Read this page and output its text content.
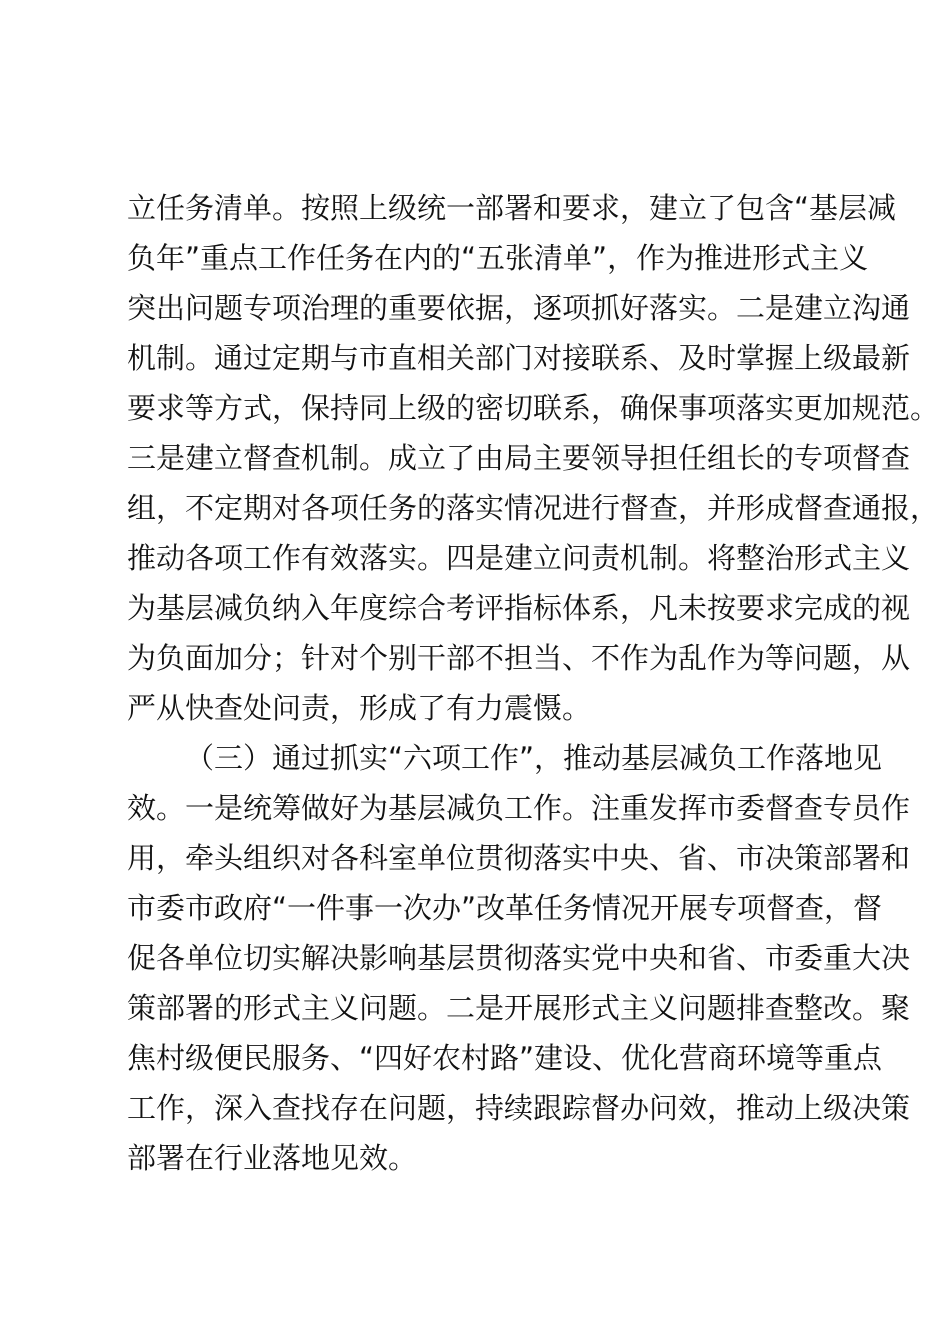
立任务清单。按照上级统一部署和要求，建立了包含“基层减
负年”重点工作任务在内的“五张清单”，作为推进形式主义
突出问题专项治理的重要依据，逐项抓好落实。二是建立沟通
机制。通过定期与市直相关部门对接联系、及时掌握上级最新
要求等方式，保持同上级的密切联系，确保事项落实更加规范。
三是建立督查机制。成立了由局主要领导担任组长的专项督查
组，不定期对各项任务的落实情况进行督查，并形成督查通报，
推动各项工作有效落实。四是建立问责机制。将整治形式主义
为基层减负纳入年度综合考评指标体系，凡未按要求完成的视
为负面加分；针对个别干部不担当、不作为乱作为等问题，从
严从快查处问责，形成了有力震慑。
（三）通过抓实“六项工作”，推动基层减负工作落地见
效。一是统筹做好为基层减负工作。注重发挥市委督查专员作
用，牵头组织对各科室单位贯彻落实中央、省、市决策部署和
市委市政府“一件事一次办”改革任务情况开展专项督查，督
促各单位切实解决影响基层贯彻落实党中央和省、市委重大决
策部署的形式主义问题。二是开展形式主义问题排查整改。聚
焦村级便民服务、“四好农村路”建设、优化营商环境等重点
工作，深入查找存在问题，持续跟踪督办问效，推动上级决策
部署在行业落地见效。
